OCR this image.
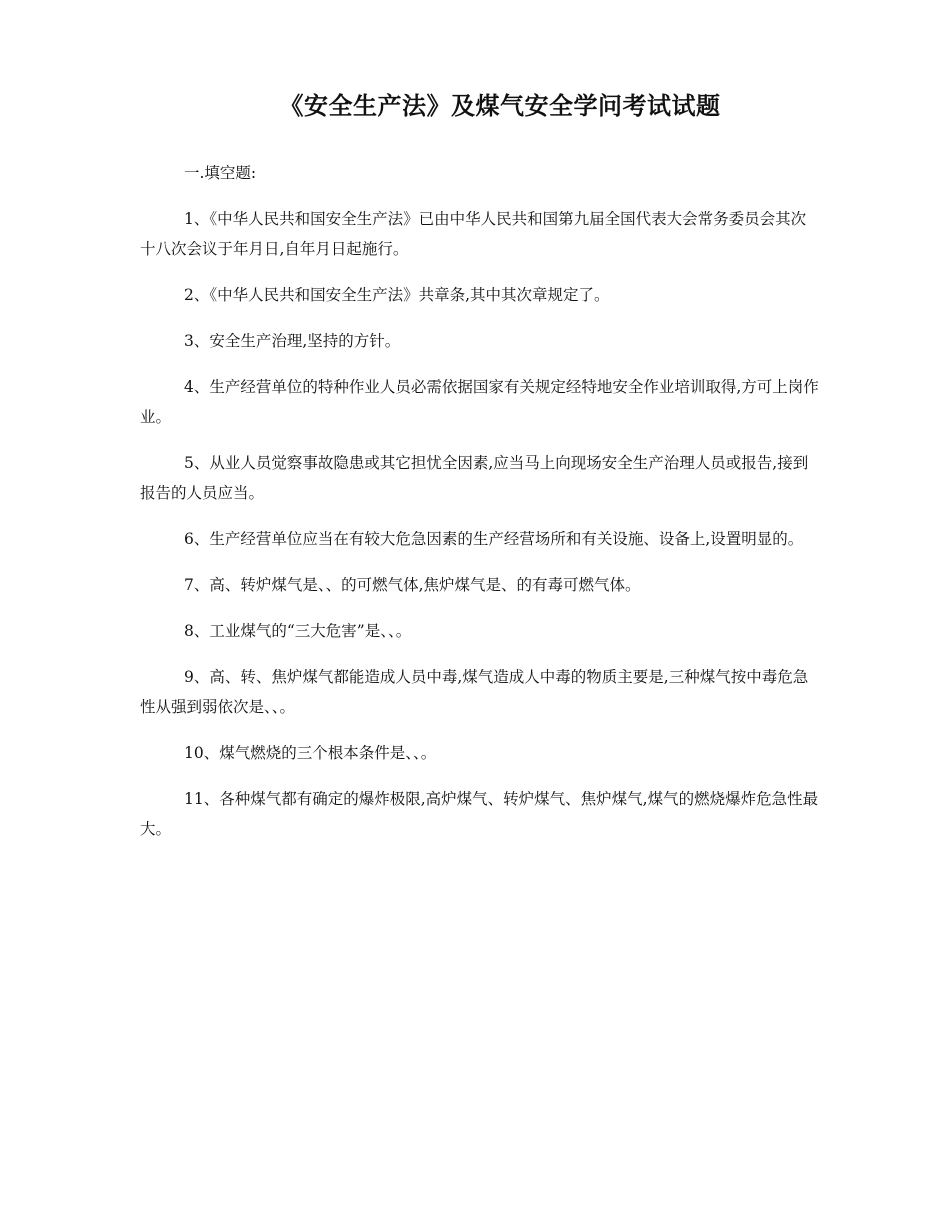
《安全生产法》及煤气安全学问考试试题

一.填空题:

1、《中华人民共和国安全生产法》已由中华人民共和国第九届全国代表大会常务委员会其次十八次会议于年月日,自年月日起施行。

2、《中华人民共和国安全生产法》共章条,其中其次章规定了。

3、安全生产治理,坚持的方针。

4、生产经营单位的特种作业人员必需依据国家有关规定经特地安全作业培训取得,方可上岗作业。

5、从业人员觉察事故隐患或其它担忧全因素,应当马上向现场安全生产治理人员或报告,接到报告的人员应当。

6、生产经营单位应当在有较大危急因素的生产经营场所和有关设施、设备上,设置明显的。

7、高、转炉煤气是、、的可燃气体,焦炉煤气是、的有毒可燃气体。

8、工业煤气的“三大危害”是、、。

9、高、转、焦炉煤气都能造成人员中毒,煤气造成人中毒的物质主要是,三种煤气按中毒危急性从强到弱依次是、、。

10、煤气燃烧的三个根本条件是、、。

11、各种煤气都有确定的爆炸极限,高炉煤气、转炉煤气、焦炉煤气,煤气的燃烧爆炸危急性最大。
